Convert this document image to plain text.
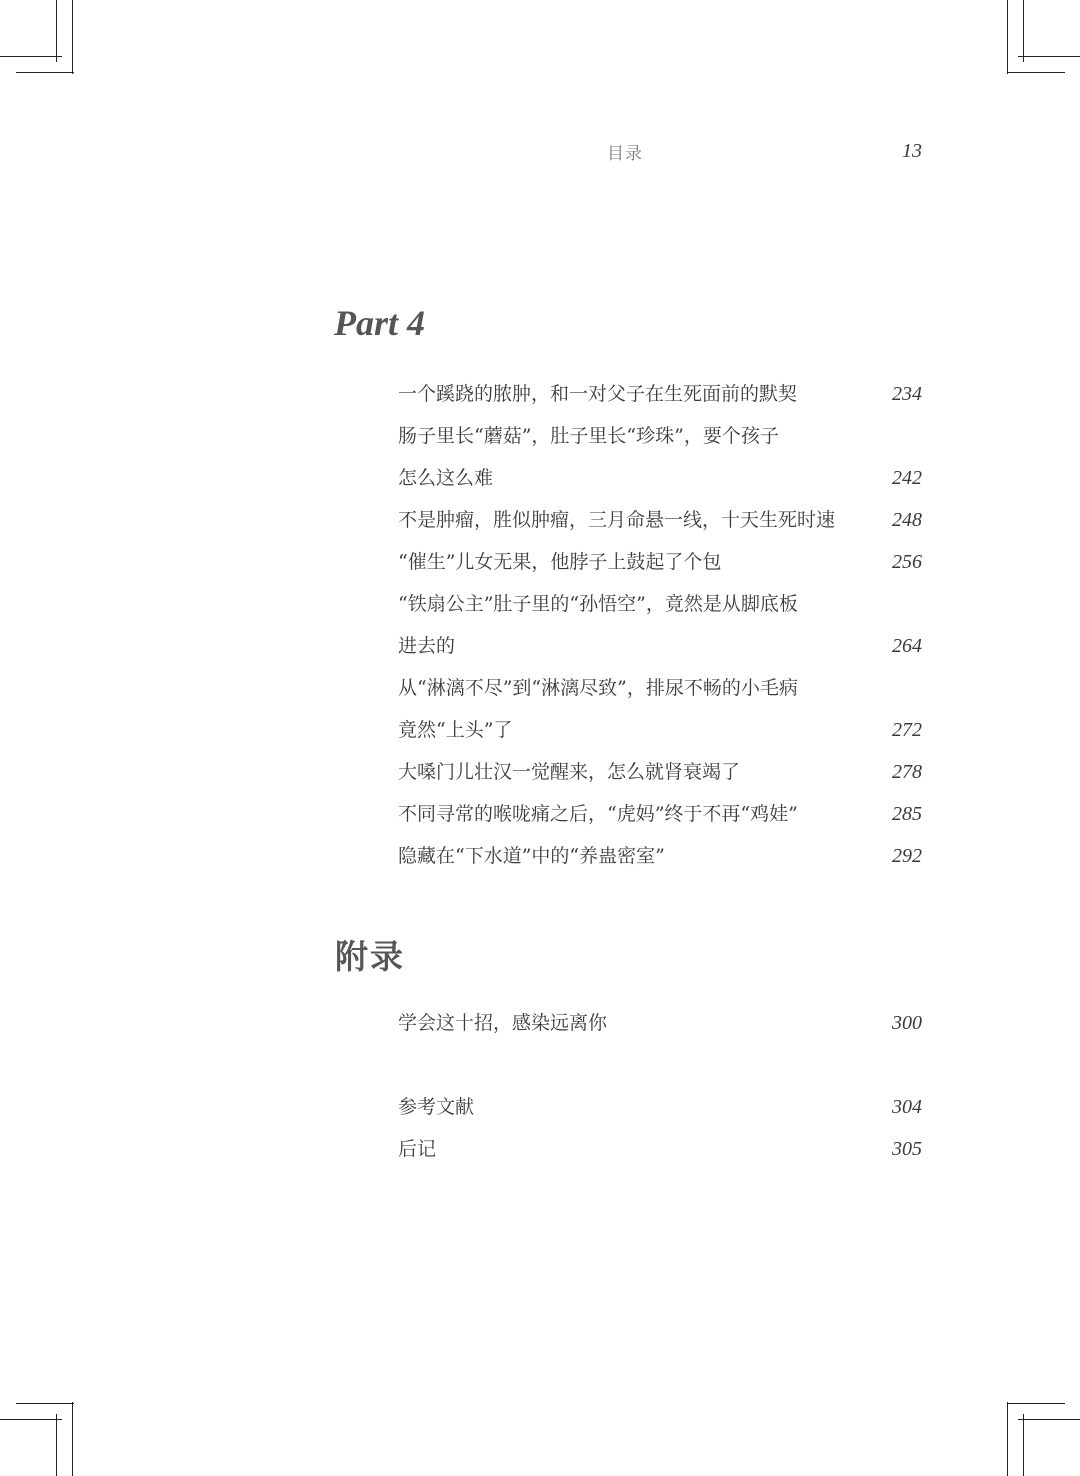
目录	13
Part 4
一个蹊跷的脓肿，和一对父子在生死面前的默契	234
肠子里长“蘑菇”，肚子里长“珍珠”，要个孩子
怎么这么难	242
不是肿瘤，胜似肿瘤，三月命悬一线，十天生死时速	248
“催生”儿女无果，他脖子上鼓起了个包	256
“铁扇公主”肚子里的“孙悟空”，竟然是从脚底板
进去的	264
从“淋漓不尽”到“淋漓尽致”，排尿不畅的小毛病
竟然“上头”了	272
大嗓门儿壮汉一觉醒来，怎么就肾衰竭了	278
不同寻常的喉咙痛之后，“虎妈”终于不再“鸡娃”	285
隐藏在“下水道”中的“养蛊密室”	292
附录
学会这十招，感染远离你	300
参考文献	304
后记	305
